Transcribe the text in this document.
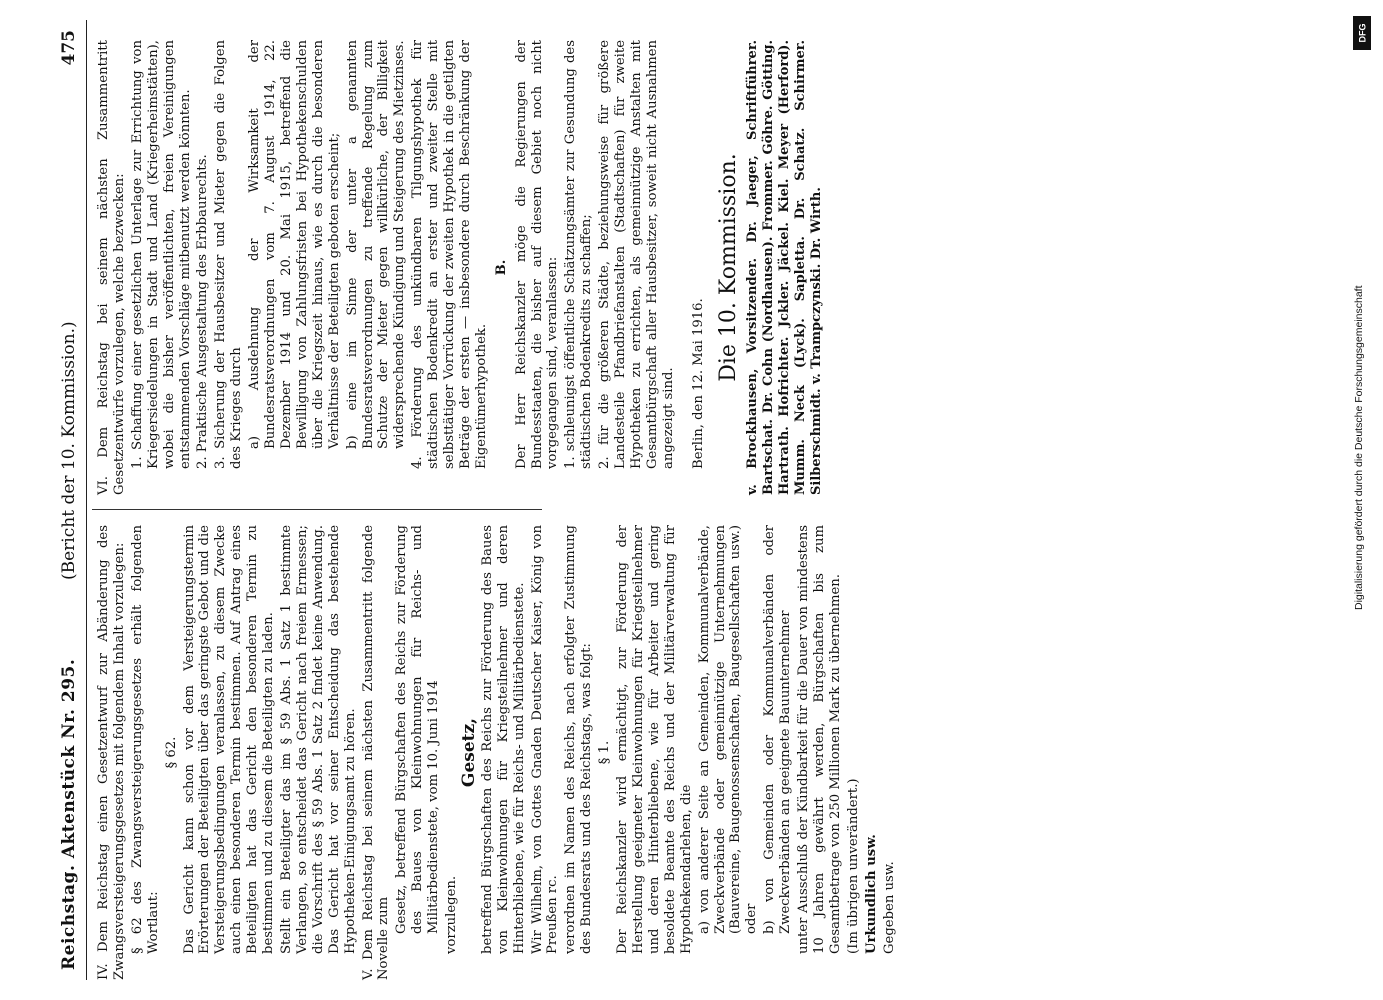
Reichstag. Aktenstück Nr. 295.
(Bericht der 10. Kommission.)
475

IV. Dem Reichstag einen Gesetzentwurf zur Abänderung des Zwangsversteigerungsgesetzes mit folgendem Inhalt vorzulegen: § 62 des Zwangsversteigerungsgesetzes erhält folgenden Wortlaut:

§ 62. Das Gericht kann schon vor dem Versteigerungstermin Erörterungen der Beteiligten über das geringste Gebot und die Versteigerungsbedingungen veranlassen, zu diesem Zwecke auch einen besonderen Termin bestimmen. Auf Antrag eines Beteiligten hat das Gericht den besonderen Termin zu bestimmen und zu diesem die Beteiligten zu laden. Stellt ein Beteiligter das im § 59 Abs. 1 Satz 1 bestimmte Verlangen, so entscheidet das Gericht nach freiem Ermessen; die Vorschrift des § 59 Abs. 1 Satz 2 findet keine Anwendung. Das Gericht hat vor seiner Entscheidung das bestehende Hypotheken-Einigungsamt zu hören. V. Dem Reichstag bei seinem nächsten Zusammentritt folgende Novelle zum

Gesetz, betreffend Bürgschaften des Reichs zur Förderung des Baues von Kleinwohnungen für Reichs- und Militärbedienstete, vom 10. Juni 1914 vorzulegen.

Gesetz, betreffend Bürgschaften des Reichs zur Förderung des Baues von Kleinwohnungen für Kriegsteilnehmer und deren Hinterbliebene, wie für Reichs- und Militärbedienstete. Wir Wilhelm, von Gottes Gnaden Deutscher Kaiser, König von Preußen rc. verordnen im Namen des Reichs, nach erfolgter Zustimmung des Bundesrats und des Reichstags, was folgt: § 1. Der Reichskanzler wird ermächtigt, zur Förderung der Herstellung geeigneter Kleinwohnungen für Kriegsteilnehmer und deren Hinterbliebene, wie für Arbeiter und gering besoldete Beamte des Reichs und der Militärverwaltung für Hypothekendarlehen, die a) von anderer Seite an Gemeinden, Kommunalverbände, Zweckverbände oder gemeinnützige Unternehmungen (Bauvereine, Baugenossenschaften, Baugesellschaften usw.) oder b) von Gemeinden oder Kommunalverbänden oder Zweckverbänden an geeignete Bauunternehmer unter Ausschluß der Kündbarkeit für die Dauer von mindestens 10 Jahren gewährt werden, Bürgschaften bis zum Gesamtbetrage von 250 Millionen Mark zu übernehmen. (Im übrigen unverändert.) Urkundlich usw. Gegeben usw.

VI. Dem Reichstag bei seinem nächsten Zusammentritt Gesetzentwürfe vorzulegen, welche bezwecken: 1. Schaffung einer gesetzlichen Unterlage zur Errichtung von Kriegersiedelungen in Stadt und Land (Kriegerheimstätten), wobei die bisher veröffentlichten, freien Vereinigungen entstammenden Vorschläge mitbenutzt werden könnten. 2. Praktische Ausgestaltung des Erbbaurechts. 3. Sicherung der Hausbesitzer und Mieter gegen die Folgen des Krieges durch a) Ausdehnung der Wirksamkeit der Bundesratsverordnungen vom 7. August 1914, 22. Dezember 1914 und 20. Mai 1915, betreffend die Bewilligung von Zahlungsfristen bei Hypothekenschulden über die Kriegszeit hinaus, wie es durch die besonderen Verhältnisse der Beteiligten geboten erscheint; b) eine im Sinne der unter a genannten Bundesratsverordnungen zu treffende Regelung zum Schutze der Mieter gegen willkürliche, der Billigkeit widersprechende Kündigung und Steigerung des Mietzinses. 4. Förderung des unkündbaren Tilgungshypothek für städtischen Bodenkredit an erster und zweiter Stelle mit selbsttätiger Vorrückung der zweiten Hypothek in die getilgten Beträge der ersten — insbesondere durch Beschränkung der Eigentümerhypothek.

B. Der Herr Reichskanzler möge die Regierungen der Bundesstaaten, die bisher auf diesem Gebiet noch nicht vorgegangen sind, veranlassen: 1. schleunigst öffentliche Schätzungsämter zur Gesundung des städtischen Bodenkredits zu schaffen; 2. für die größeren Städte, beziehungsweise für größere Landesteile Pfandbriefanstalten (Stadtschaften) für zweite Hypotheken zu errichten, als gemeinnützige Anstalten mit Gesamtbürgschaft aller Hausbesitzer, soweit nicht Ausnahmen angezeigt sind. Berlin, den 12. Mai 1916.

Die 10. Kommission. v. Brockhausen, Vorsitzender. Dr. Jaeger, Schriftführer. Bartschat. Dr. Cohn (Nordhausen). Frommer. Göhre. Götting. Hartrath. Hofrichter. Jckler. Jäckel. Kiel. Meyer (Herford). Mumm. Neck (Lyck). Sapletta. Dr. Schatz. Schirmer. Silberschmidt. v. Trampczynski. Dr. Wirth.

DFG
Digitalisierung gefördert durch die Deutsche Forschungsgemeinschaft
